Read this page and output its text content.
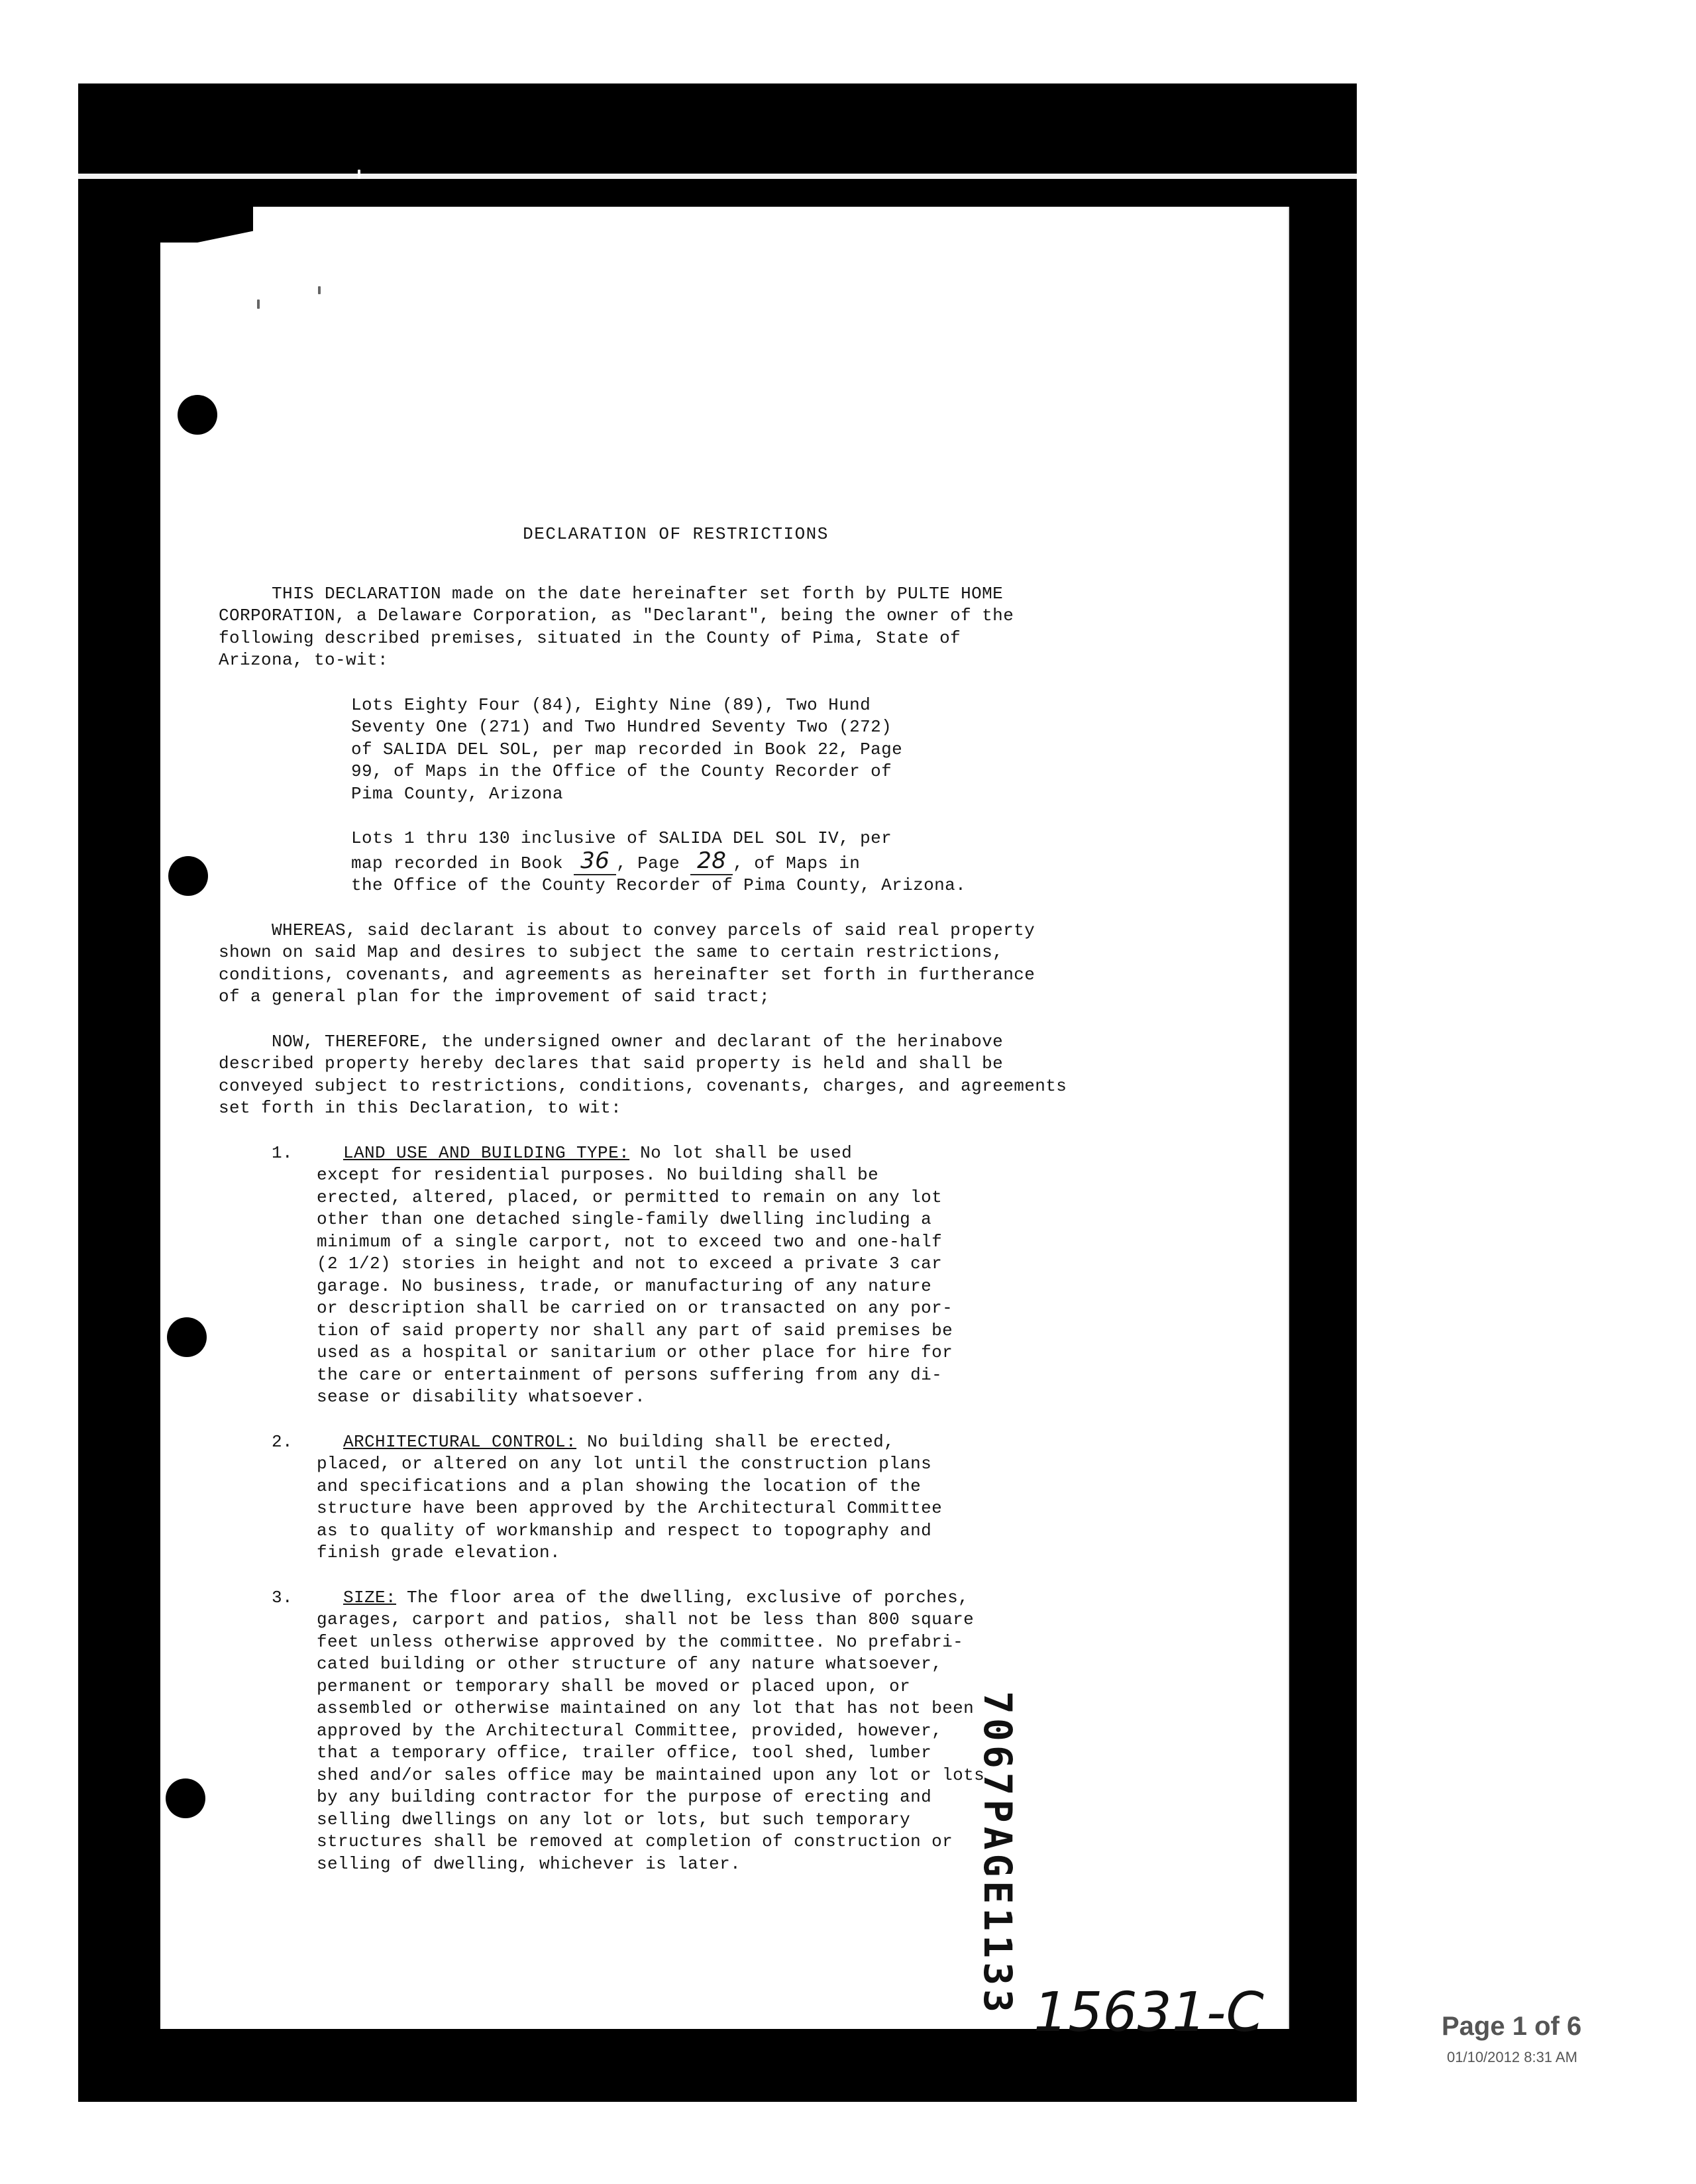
DECLARATION OF RESTRICTIONS
THIS DECLARATION made on the date hereinafter set forth by PULTE HOME
CORPORATION, a Delaware Corporation, as "Declarant", being the owner of the
following described premises, situated in the County of Pima, State of
Arizona, to-wit:
Lots Eighty Four (84), Eighty Nine (89), Two Hund
Seventy One (271) and Two Hundred Seventy Two (272)
of SALIDA DEL SOL, per map recorded in Book 22, Page
99, of Maps in the Office of the County Recorder of
Pima County, Arizona
Lots 1 thru 130 inclusive of SALIDA DEL SOL IV, per
map recorded in Book 36 , Page 28 , of Maps in
the Office of the County Recorder of Pima County, Arizona.
WHEREAS, said declarant is about to convey parcels of said real property
shown on said Map and desires to subject the same to certain restrictions,
conditions, covenants, and agreements as hereinafter set forth in furtherance
of a general plan for the improvement of said tract;
NOW, THEREFORE, the undersigned owner and declarant of the herinabove
described property hereby declares that said property is held and shall be
conveyed subject to restrictions, conditions, covenants, charges, and agreements
set forth in this Declaration, to wit:
1.	LAND USE AND BUILDING TYPE: No lot shall be used
except for residential purposes. No building shall be
erected, altered, placed, or permitted to remain on any lot
other than one detached single-family dwelling including a
minimum of a single carport, not to exceed two and one-half
(2 1/2) stories in height and not to exceed a private 3 car
garage. No business, trade, or manufacturing of any nature
or description shall be carried on or transacted on any por-
tion of said property nor shall any part of said premises be
used as a hospital or sanitarium or other place for hire for
the care or entertainment of persons suffering from any di-
sease or disability whatsoever.
2.	ARCHITECTURAL CONTROL: No building shall be erected,
placed, or altered on any lot until the construction plans
and specifications and a plan showing the location of the
structure have been approved by the Architectural Committee
as to quality of workmanship and respect to topography and
finish grade elevation.
3.	SIZE: The floor area of the dwelling, exclusive of porches,
garages, carport and patios, shall not be less than 800 square
feet unless otherwise approved by the committee. No prefabri-
cated building or other structure of any nature whatsoever,
permanent or temporary shall be moved or placed upon, or
assembled or otherwise maintained on any lot that has not been
approved by the Architectural Committee, provided, however,
that a temporary office, trailer office, tool shed, lumber
shed and/or sales office may be maintained upon any lot or lots
by any building contractor for the purpose of erecting and
selling dwellings on any lot or lots, but such temporary
structures shall be removed at completion of construction or
selling of dwelling, whichever is later.	7067PAGE1133 15631-C	Page 1 of 6
01/10/2012 8:31 AM
